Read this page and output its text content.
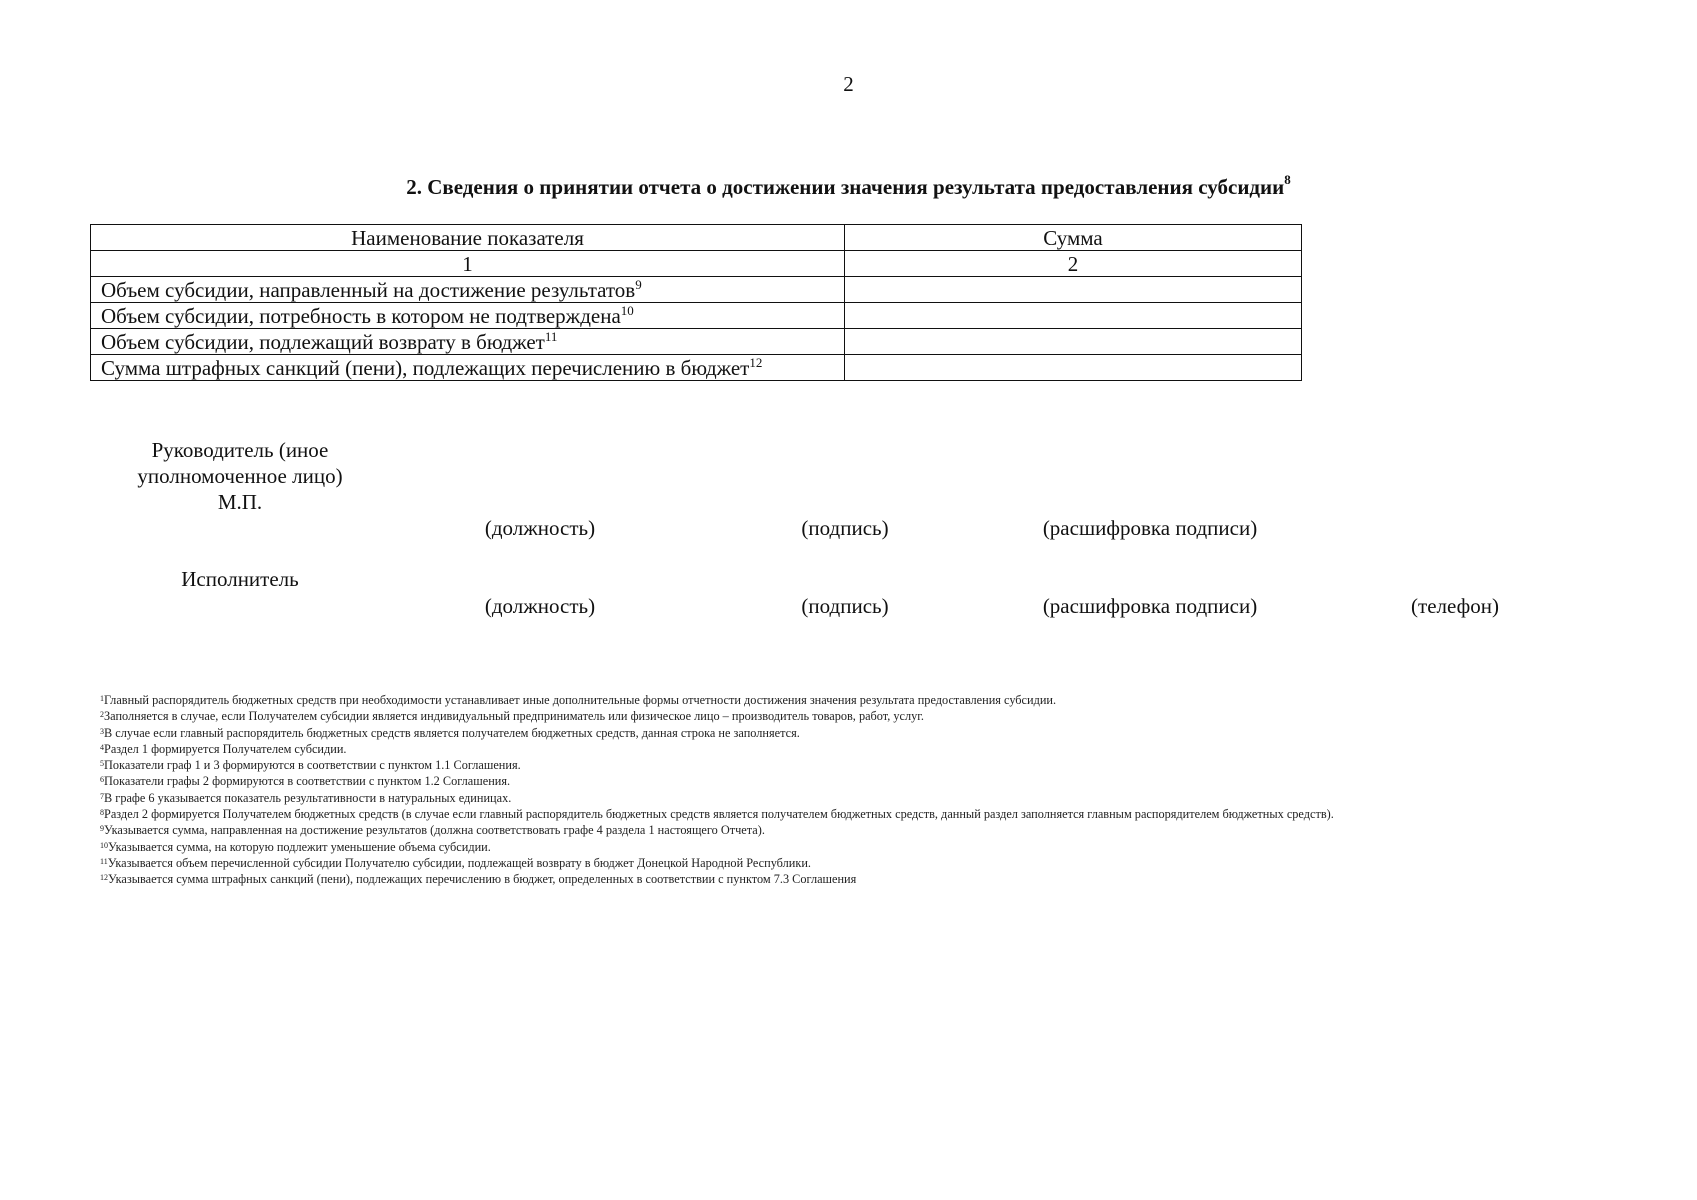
2
2. Сведения о принятии отчета о достижении значения результата предоставления субсидии$^8$
Наименование показателя	Сумма
1	2
Объем субсидии, направленный на достижение результатов$^9$	
Объем субсидии, потребность в котором не подтверждена$^{10}$	
Объем субсидии, подлежащий возврату в бюджет$^{11}$	
Сумма штрафных санкций (пени), подлежащих перечислению в бюджет$^{12}$	
Руководитель (иное
уполномоченное лицо)
М.П.
(должность)	(подпись)	(расшифровка подписи)
Исполнитель
(должность)	(подпись)	(расшифровка подписи)	(телефон)
$^1$Главный распорядитель бюджетных средств при необходимости устанавливает иные дополнительные формы отчетности достижения значения результата предоставления субсидии.
$^2$Заполняется в случае, если Получателем субсидии является индивидуальный предприниматель или физическое лицо – производитель товаров, работ, услуг.
$^3$В случае если главный распорядитель бюджетных средств является получателем бюджетных средств, данная строка не заполняется.
$^4$Раздел 1 формируется Получателем субсидии.
$^5$Показатели граф 1 и 3 формируются в соответствии с пунктом 1.1 Соглашения.
$^6$Показатели графы 2 формируются в соответствии с пунктом 1.2 Соглашения.
$^7$В графе 6 указывается показатель результативности в натуральных единицах.
$^8$Раздел 2 формируется Получателем бюджетных средств (в случае если главный распорядитель бюджетных средств является получателем бюджетных средств, данный раздел заполняется главным распорядителем бюджетных средств).
$^9$Указывается сумма, направленная на достижение результатов (должна соответствовать графе 4 раздела 1 настоящего Отчета).
$^{10}$Указывается сумма, на которую подлежит уменьшение объема субсидии.
$^{11}$Указывается объем перечисленной субсидии Получателю субсидии, подлежащей возврату в бюджет Донецкой Народной Республики.
$^{12}$Указывается сумма штрафных санкций (пени), подлежащих перечислению в бюджет, определенных в соответствии с пунктом 7.3 Соглашения
